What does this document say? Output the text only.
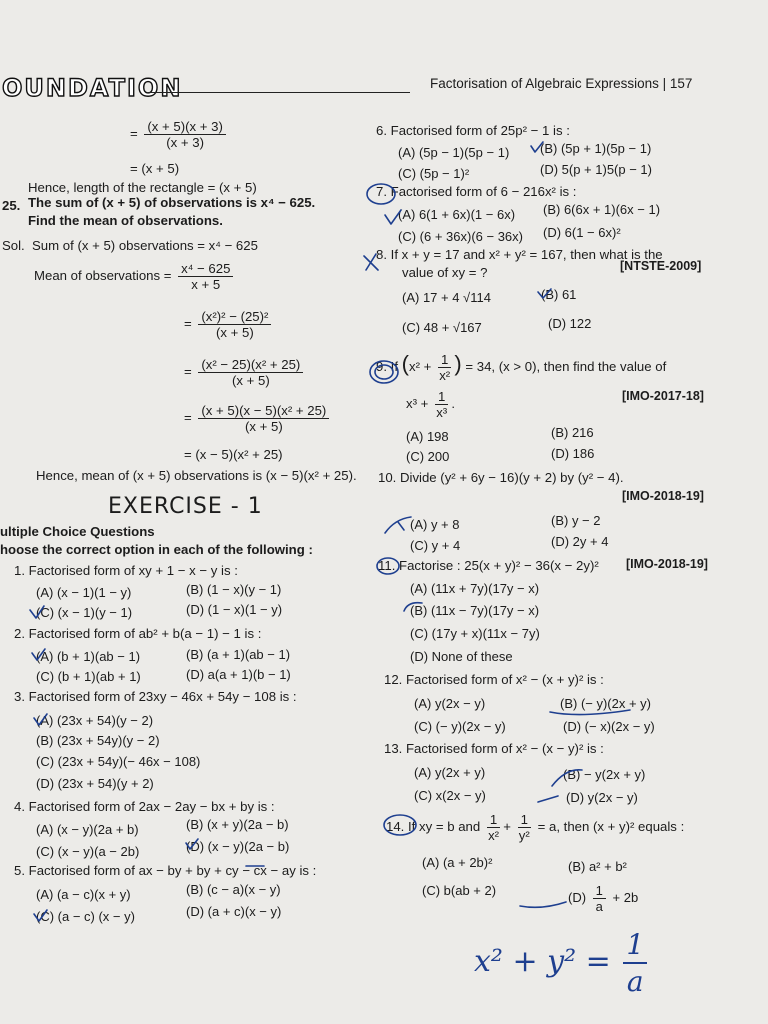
OUNDATION	Factorisation of Algebraic Expressions | 157
= $\frac{(x + 5)(x + 3)}{(x + 3)}$
= (x + 5)
Hence, length of the rectangle = (x + 5)
25. The sum of (x + 5) of observations is x⁴ − 625.
Find the mean of observations.
Sol. Sum of (x + 5) observations = x⁴ − 625
Mean of observations = $\frac{\text{x⁴ − 625}}{x + 5}$
= $\frac{\text{(x²)² − (25)²}}{(x + 5)}$
= $\frac{\text{(x² − 25)(x² + 25)}}{(x + 5)}$
= $\frac{\text{(x + 5)(x − 5)(x² + 25)}}{(x + 5)}$
= (x − 5)(x² + 25)
Hence, mean of (x + 5) observations is (x − 5)(x² + 25).
EXERCISE - 1
ultiple Choice Questions
hoose the correct option in each of the following :
1. Factorised form of xy + 1 − x − y is :
(A) (x − 1)(1 − y)	(B) (1 − x)(y − 1)
(C) (x − 1)(y − 1)	(D) (1 − x)(1 − y)
2. Factorised form of ab² + b(a − 1) − 1 is :
(A) (b + 1)(ab − 1)	(B) (a + 1)(ab − 1)
(C) (b + 1)(ab + 1)	(D) a(a + 1)(b − 1)
3. Factorised form of 23xy − 46x + 54y − 108 is :
(A) (23x + 54)(y − 2)
(B) (23x + 54y)(y − 2)
(C) (23x + 54y)(− 46x − 108)
(D) (23x + 54)(y + 2)
4. Factorised form of 2ax − 2ay − bx + by is :
(A) (x − y)(2a + b)	(B) (x + y)(2a − b)
(C) (x − y)(a − 2b)	(D) (x − y)(2a − b)
5. Factorised form of ax − by + by + cy − cx − ay is :
(A) (a − c)(x + y)	(B) (c − a)(x − y)
(C) (a − c) (x − y)	(D) (a + c)(x − y)
6. Factorised form of 25p² − 1 is :
(A) (5p − 1)(5p − 1) (B) (5p + 1)(5p − 1)
(C) (5p − 1)²	(D) 5(p + 1)5(p − 1)
7. Factorised form of 6 − 216x² is :
(A) 6(1 + 6x)(1 − 6x) (B) 6(6x + 1)(6x − 1)
(C) (6 + 36x)(6 − 36x) (D) 6(1 − 6x)²
8. If x + y = 17 and x² + y² = 167, then what is the
value of xy = ?	[NTSTE-2009]
(A) 17 + 4 √114	(B) 61
(C) 48 + √167	(D) 122
9. If ($x^2 + \frac{1}{\text{x²}}$ ) = 34, (x > 0), then find the value of
$x^3 + \frac{1}{\text{x³}}$ .
[IMO-2017-18]
(A) 198	(B) 216
(C) 200	(D) 186
10. Divide (y² + 6y − 16)(y + 2) by (y² − 4).
[IMO-2018-19]
(A) y + 8	(B) y − 2
(C) y + 4	(D) 2y + 4
11. Factorise : 25(x + y)² − 36(x − 2y)² [IMO-2018-19]
(A) (11x + 7y)(17y − x)
(B) (11x − 7y)(17y − x)
(C) (17y + x)(11x − 7y)
(D) None of these
12. Factorised form of x² − (x + y)² is :
(A) y(2x − y)	(B) (− y)(2x + y)
(C) (− y)(2x − y)	(D) (− x)(2x − y)
13. Factorised form of x² − (x − y)² is :
(A) y(2x + y)	(B) − y(2x + y)
(C) x(2x − y)	(D) y(2x − y)
14. If xy = b and $\frac{1}{\text{x²}} + \frac{1}{\text{y²}} = a$, then (x + y)² equals :
(A) (a + 2b)²	(B) a² + b²
(C) b(ab + 2)	$(D) \frac{1}{a} + 2b$
$x^2 + y^2 = \frac{1}{a}$
